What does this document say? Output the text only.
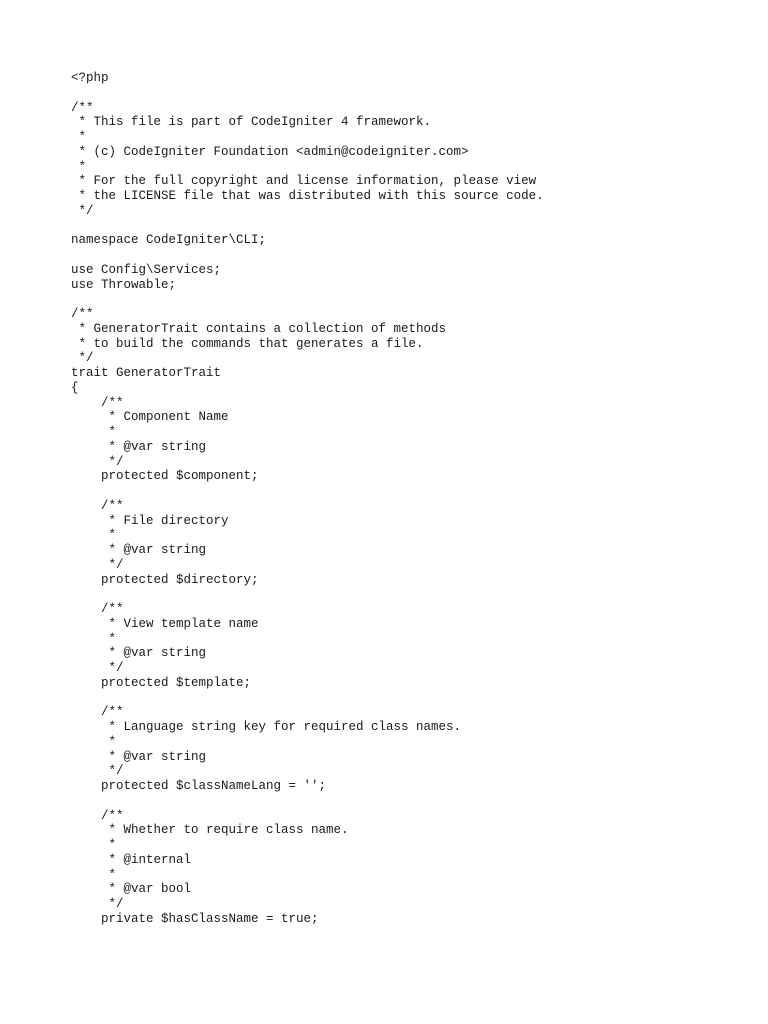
<?php
/**
* This file is part of CodeIgniter 4 framework.
*
* (c) CodeIgniter Foundation <admin@codeigniter.com>
*
* For the full copyright and license information, please view
* the LICENSE file that was distributed with this source code.
*/
namespace CodeIgniter\CLI;
use Config\Services;
use Throwable;
/**
* GeneratorTrait contains a collection of methods
* to build the commands that generates a file.
*/
trait GeneratorTrait
{
/**
* Component Name
*
* @var string
*/
protected $component;
/**
* File directory
*
* @var string
*/
protected $directory;
/**
* View template name
*
* @var string
*/
protected $template;
/**
* Language string key for required class names.
*
* @var string
*/
protected $classNameLang = '';
/**
* Whether to require class name.
*
* @internal
*
* @var bool
*/
private $hasClassName = true;
